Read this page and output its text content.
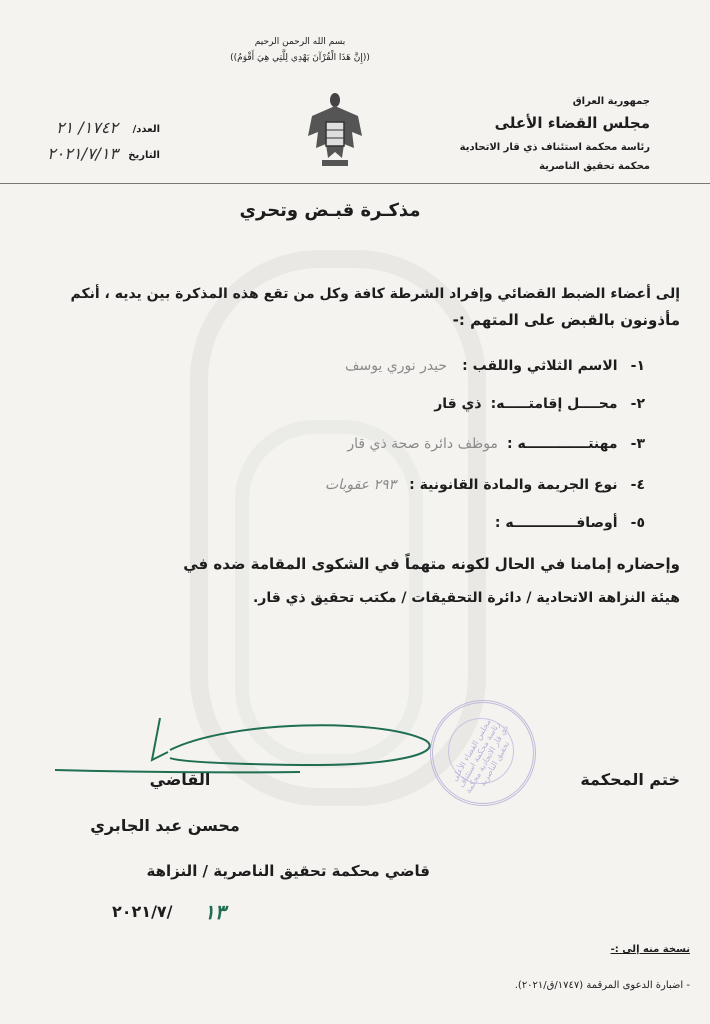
بسم الله الرحمن الرحيم
((إِنَّ هَذَا الْقُرْآنَ يَهْدِي لِلَّتِي هِيَ أَقْوَمُ))
جمهورية العراق
مجلس القضاء الأعلى
رئاسة محكمة استئناف ذي قار الاتحادية
محكمة تحقيق الناصرية
العدد/
١٧٤٢/ ٢١
التاريخ
٢٠٢١/٧/١٣
مذكـرة قبـض وتحري
إلى أعضاء الضبط القضائي وإفراد الشرطة كافة وكل من تقع هذه المذكرة بين يديه ، أنكم
مأذونون بالقبض على المتهم :-
١- الاسم الثلاثي واللقب : حيدر نوري يوسف
٢- محــــل إقامتـــــه: ذي قار
٣- مهنتـــــــــــــه : موظف دائرة صحة ذي قار
٤- نوع الجريمة والمادة القانونية : ٢٩٣ عقوبات
٥- أوصافـــــــــــــه :
وإحضاره إمامنا في الحال لكونه متهماً في الشكوى المقامة ضده في
هيئة النزاهة الاتحادية / دائرة التحقيقات / مكتب تحقيق ذي قار.
مجلس القضاء الأعلى رئاسة محكمة استئناف ذي قار الاتحادية محكمة تحقيق الناصرية	ختم المحكمة
القاضي
محسن عبد الجابري
قاضي محكمة تحقيق الناصرية / النزاهة
٢٠٢١/٧/ ١٣
نسخة منه إلى :-
- اضبارة الدعوى المرقمة (١٧٤٧/ق/٢٠٢١).
